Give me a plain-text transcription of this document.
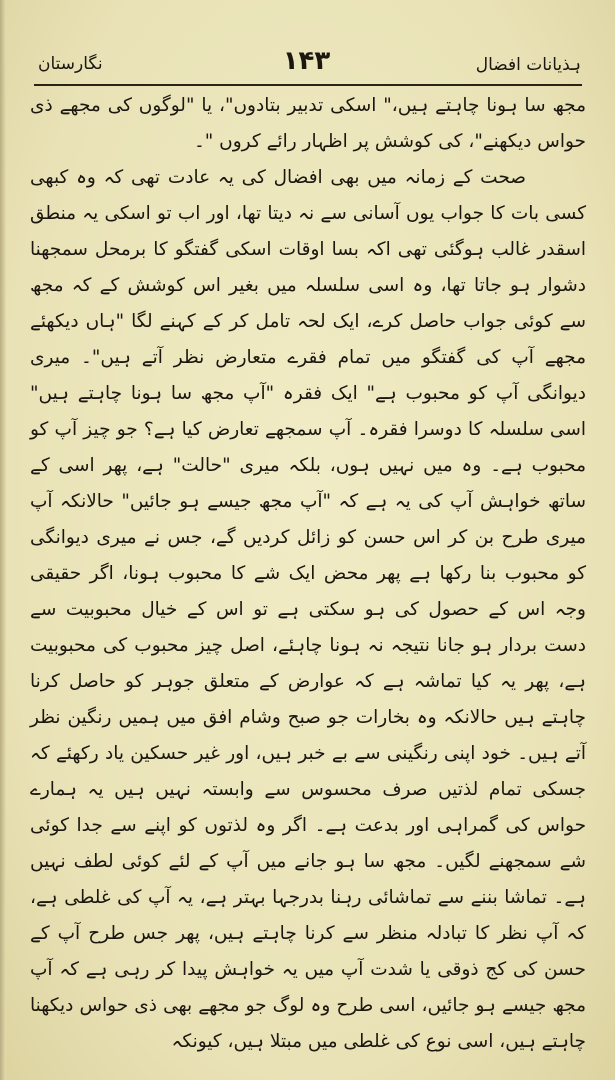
نگارستان	۱۴۳	ہذیانات افضال

مجھ سا ہونا چاہتے ہیں،" اسکی تدبیر بتادوں"، یا "لوگوں کی مجھے ذی حواس دیکھنے"، کی کوشش پر اظہار رائے کروں "۔

صحت کے زمانہ میں بھی افضال کی یہ عادت تھی کہ وہ کبھی کسی بات کا جواب یوں آسانی سے نہ دیتا تھا، اور اب تو اسکی یہ منطق اسقدر غالب ہوگئی تھی اکہ بسا اوقات اسکی گفتگو کا برمحل سمجھنا دشوار ہو جاتا تھا، وہ اسی سلسلہ میں بغیر اس کوشش کے کہ مجھ سے کوئی جواب حاصل کرے، ایک لحہ تامل کر کے کہنے لگا "ہاں دیکھئے مجھے آپ کی گفتگو میں تمام فقرے متعارض نظر آتے ہیں"۔ میری دیوانگی آپ کو محبوب ہے" ایک فقرہ "آپ مجھ سا ہونا چاہتے ہیں" اسی سلسلہ کا دوسرا فقرہ۔ آپ سمجھے تعارض کیا ہے؟ جو چیز آپ کو محبوب ہے۔ وہ میں نہیں ہوں، بلکہ میری "حالت" ہے، پھر اسی کے ساتھ خواہش آپ کی یہ ہے کہ "آپ مجھ جیسے ہو جائیں" حالانکہ آپ میری طرح بن کر اس حسن کو زائل کردیں گے، جس نے میری دیوانگی کو محبوب بنا رکھا ہے پھر محض ایک شے کا محبوب ہونا، اگر حقیقی وجہ اس کے حصول کی ہو سکتی ہے تو اس کے خیال محبوبیت سے دست بردار ہو جانا نتیجہ نہ ہونا چاہئے، اصل چیز محبوب کی محبوبیت ہے، پھر یہ کیا تماشہ ہے کہ عوارض کے متعلق جوہر کو حاصل کرنا چاہتے ہیں حالانکہ وہ بخارات جو صبح وشام افق میں ہمیں رنگین نظر آتے ہیں۔ خود اپنی رنگینی سے بے خبر ہیں، اور غیر حسکین یاد رکھئے کہ جسکی تمام لذتیں صرف محسوس سے وابستہ نہیں ہیں یہ ہمارے حواس کی گمراہی اور بدعت ہے۔ اگر وہ لذتوں کو اپنے سے جدا کوئی شے سمجھنے لگیں۔ مجھ سا ہو جانے میں آپ کے لئے کوئی لطف نہیں ہے۔ تماشا بننے سے تماشائی رہنا بدرجہا بہتر ہے، یہ آپ کی غلطی ہے، کہ آپ نظر کا تبادلہ منظر سے کرنا چاہتے ہیں، پھر جس طرح آپ کے حسن کی کج ذوقی یا شدت آپ میں یہ خواہش پیدا کر رہی ہے کہ آپ مجھ جیسے ہو جائیں، اسی طرح وہ لوگ جو مجھے بھی ذی حواس دیکھنا چاہتے ہیں، اسی نوع کی غلطی میں مبتلا ہیں، کیونکہ
